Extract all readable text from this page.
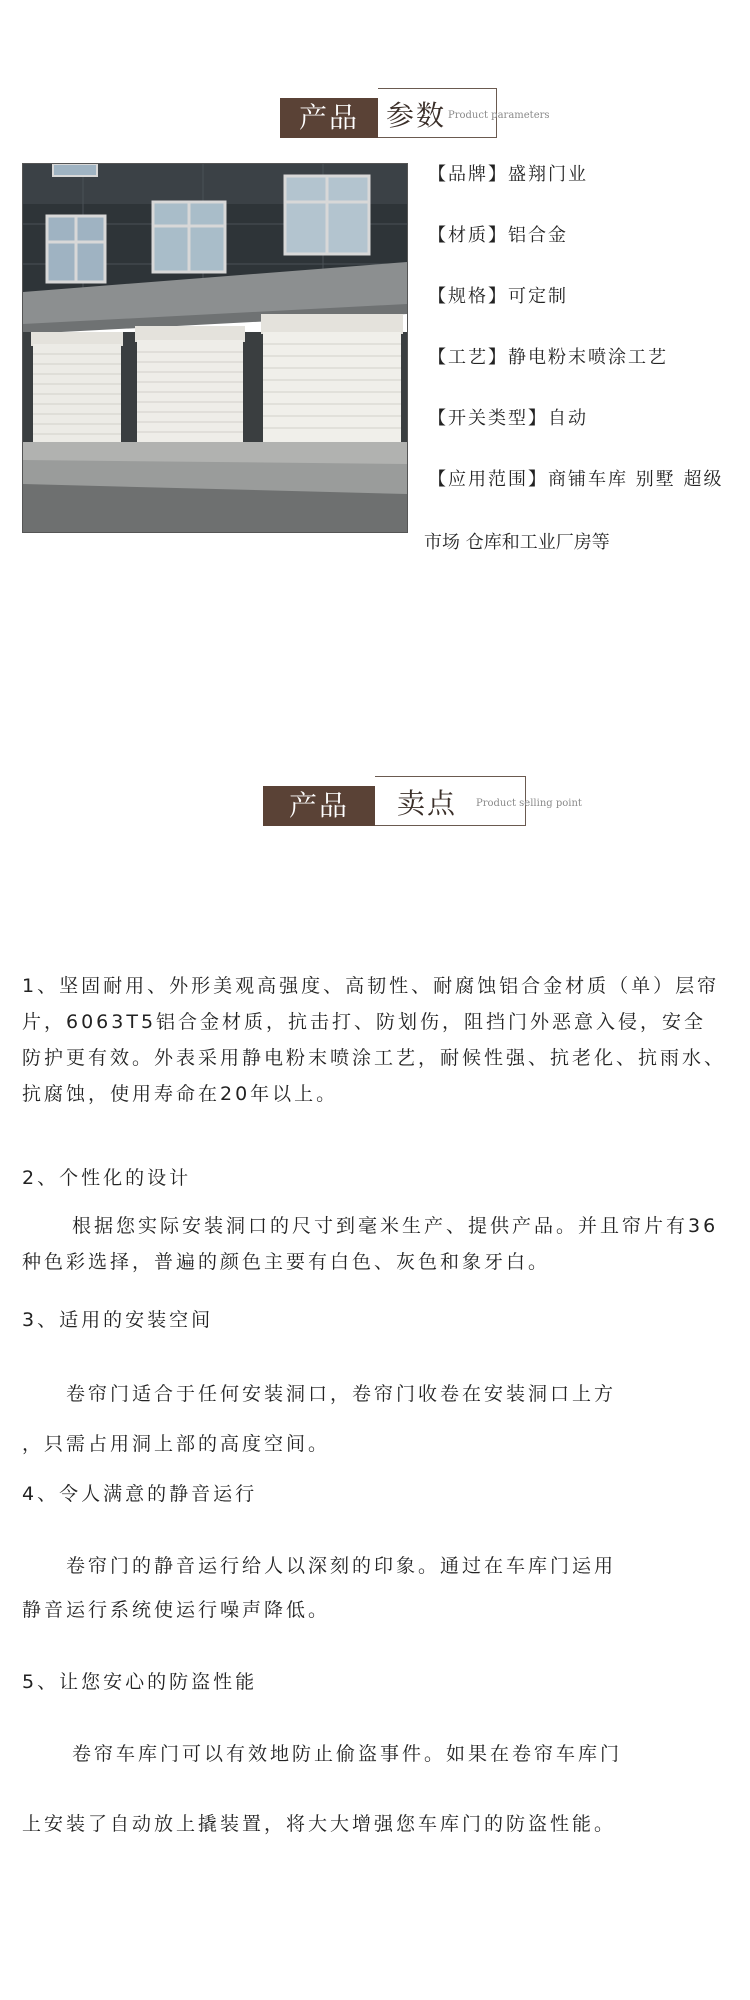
产品 参数 Product parameters
【品牌】盛翔门业
【材质】铝合金
【规格】可定制
【工艺】静电粉末喷涂工艺
【开关类型】自动
【应用范围】商铺车库 别墅 超级
市场 仓库和工业厂房等
产品	卖点 Product selling point
1、坚固耐用、外形美观高强度、高韧性、耐腐蚀铝合金材质（单）层帘片，6063T5铝合金材质，抗击打、防划伤，阻挡门外恶意入侵，安全防护更有效。外表采用静电粉末喷涂工艺，耐候性强、抗老化、抗雨水、抗腐蚀，使用寿命在20年以上。
2、个性化的设计
根据您实际安装洞口的尺寸到毫米生产、提供产品。并且帘片有36种色彩选择，普遍的颜色主要有白色、灰色和象牙白。
3、适用的安装空间
卷帘门适合于任何安装洞口，卷帘门收卷在安装洞口上方
，只需占用洞上部的高度空间。
4、令人满意的静音运行
卷帘门的静音运行给人以深刻的印象。通过在车库门运用
静音运行系统使运行噪声降低。
5、让您安心的防盗性能
卷帘车库门可以有效地防止偷盗事件。如果在卷帘车库门
上安装了自动放上撬装置，将大大增强您车库门的防盗性能。
